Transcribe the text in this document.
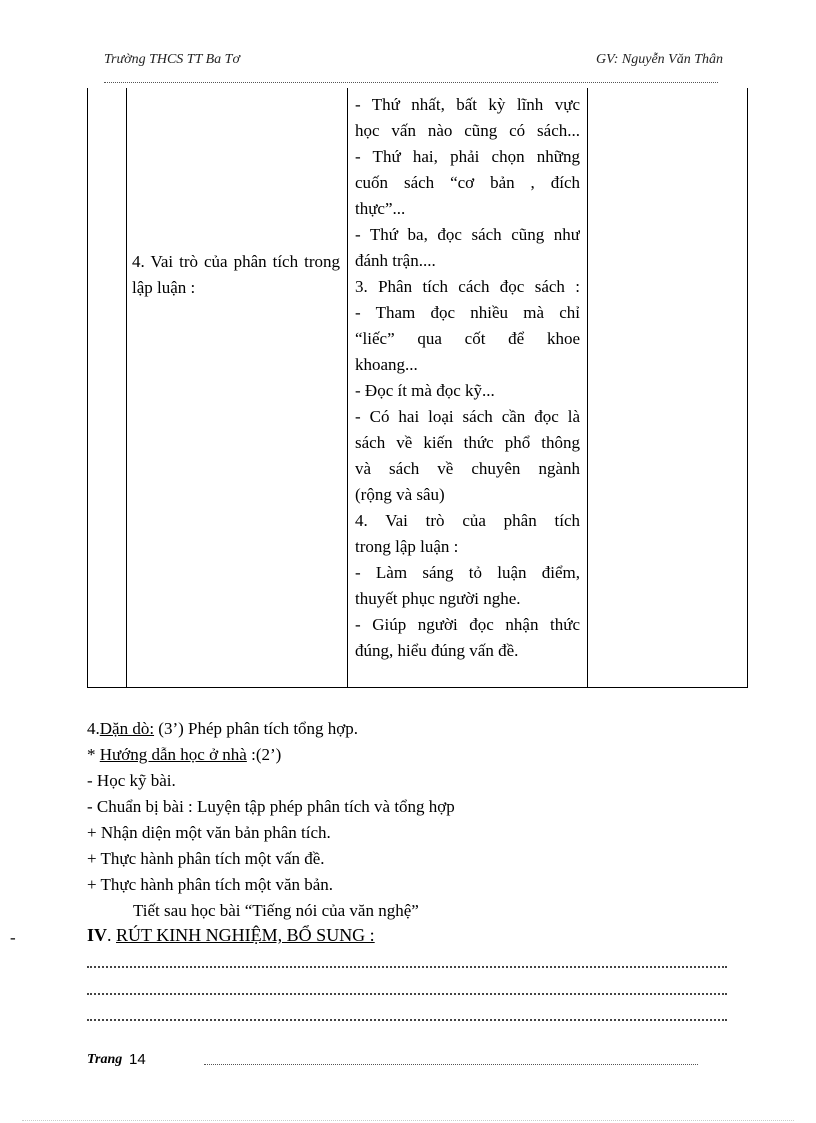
Trường THCS TT Ba Tơ	GV: Nguyễn Văn Thân
4. Vai trò của phân tích trong lập luận :
- Thứ nhất, bất kỳ lĩnh vực
học vấn nào cũng có sách...
- Thứ hai, phải chọn những
cuốn sách “cơ bản , đích
thực”...
- Thứ ba, đọc sách cũng như
đánh trận....
3. Phân tích cách đọc sách :
- Tham đọc nhiều mà chỉ
“liếc” qua cốt để khoe
khoang...
- Đọc ít mà đọc kỹ...
- Có hai loại sách cần đọc là
sách về kiến thức phổ thông
và sách về chuyên ngành
(rộng và sâu)
4. Vai trò của phân tích
trong lập luận :
- Làm sáng tỏ luận điểm,
thuyết phục người nghe.
- Giúp người đọc nhận thức
đúng, hiểu đúng vấn đề.
4.Dặn dò: (3’) Phép phân tích tổng hợp.
* Hướng dẫn học ở nhà :(2’)
- Học kỹ bài.
- Chuẩn bị bài : Luyện tập phép phân tích và tổng hợp
+ Nhận diện một văn bản phân tích.
+ Thực hành phân tích một vấn đề.
+ Thực hành phân tích một văn bản.
Tiết sau học bài “Tiếng nói của văn nghệ”
-	IV. RÚT KINH NGHIỆM, BỔ SUNG :
Trang 14
